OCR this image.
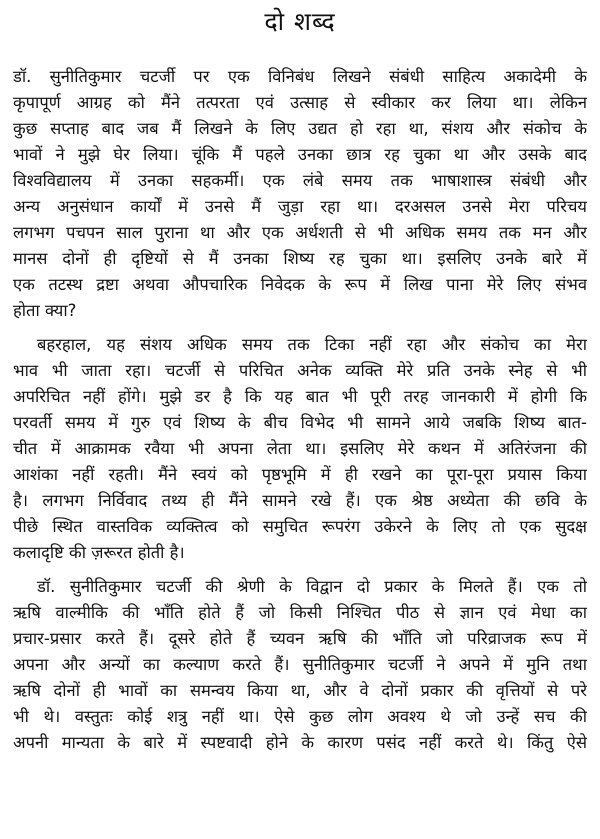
दो शब्द
डॉ. सुनीतिकुमार चटर्जी पर एक विनिबंध लिखने संबंधी साहित्य अकादेमी के
कृपापूर्ण आग्रह को मैंने तत्परता एवं उत्साह से स्वीकार कर लिया था। लेकिन
कुछ सप्ताह बाद जब मैं लिखने के लिए उद्यत हो रहा था, संशय और संकोच के
भावों ने मुझे घेर लिया। चूंकि मैं पहले उनका छात्र रह चुका था और उसके बाद
विश्वविद्यालय में उनका सहकर्मी। एक लंबे समय तक भाषाशास्त्र संबंधी और
अन्य अनुसंधान कार्यों में उनसे मैं जुड़ा रहा था। दरअसल उनसे मेरा परिचय
लगभग पचपन साल पुराना था और एक अर्धशती से भी अधिक समय तक मन और
मानस दोनों ही दृष्टियों से मैं उनका शिष्य रह चुका था। इसलिए उनके बारे में
एक तटस्थ द्रष्टा अथवा औपचारिक निवेदक के रूप में लिख पाना मेरे लिए संभव
होता क्या?
बहरहाल, यह संशय अधिक समय तक टिका नहीं रहा और संकोच का मेरा
भाव भी जाता रहा। चटर्जी से परिचित अनेक व्यक्ति मेरे प्रति उनके स्नेह से भी
अपरिचित नहीं होंगे। मुझे डर है कि यह बात भी पूरी तरह जानकारी में होगी कि
परवर्ती समय में गुरु एवं शिष्य के बीच विभेद भी सामने आये जबकि शिष्य बात-
चीत में आक्रामक रवैया भी अपना लेता था। इसलिए मेरे कथन में अतिरंजना की
आशंका नहीं रहती। मैंने स्वयं को पृष्ठभूमि में ही रखने का पूरा-पूरा प्रयास किया
है। लगभग निर्विवाद तथ्य ही मैंने सामने रखे हैं। एक श्रेष्ठ अध्येता की छवि के
पीछे स्थित वास्तविक व्यक्तित्व को समुचित रूपरंग उकेरने के लिए तो एक सुदक्ष
कलादृष्टि की ज़रूरत होती है।
डॉ. सुनीतिकुमार चटर्जी की श्रेणी के विद्वान दो प्रकार के मिलते हैं। एक तो
ऋषि वाल्मीकि की भाँति होते हैं जो किसी निश्चित पीठ से ज्ञान एवं मेधा का
प्रचार-प्रसार करते हैं। दूसरे होते हैं च्यवन ऋषि की भाँति जो परिव्राजक रूप में
अपना और अन्यों का कल्याण करते हैं। सुनीतिकुमार चटर्जी ने अपने में मुनि तथा
ऋषि दोनों ही भावों का समन्वय किया था, और वे दोनों प्रकार की वृत्तियों से परे
भी थे। वस्तुतः कोई शत्रु नहीं था। ऐसे कुछ लोग अवश्य थे जो उन्हें सच की
अपनी मान्यता के बारे में स्पष्टवादी होने के कारण पसंद नहीं करते थे। किंतु ऐसे
